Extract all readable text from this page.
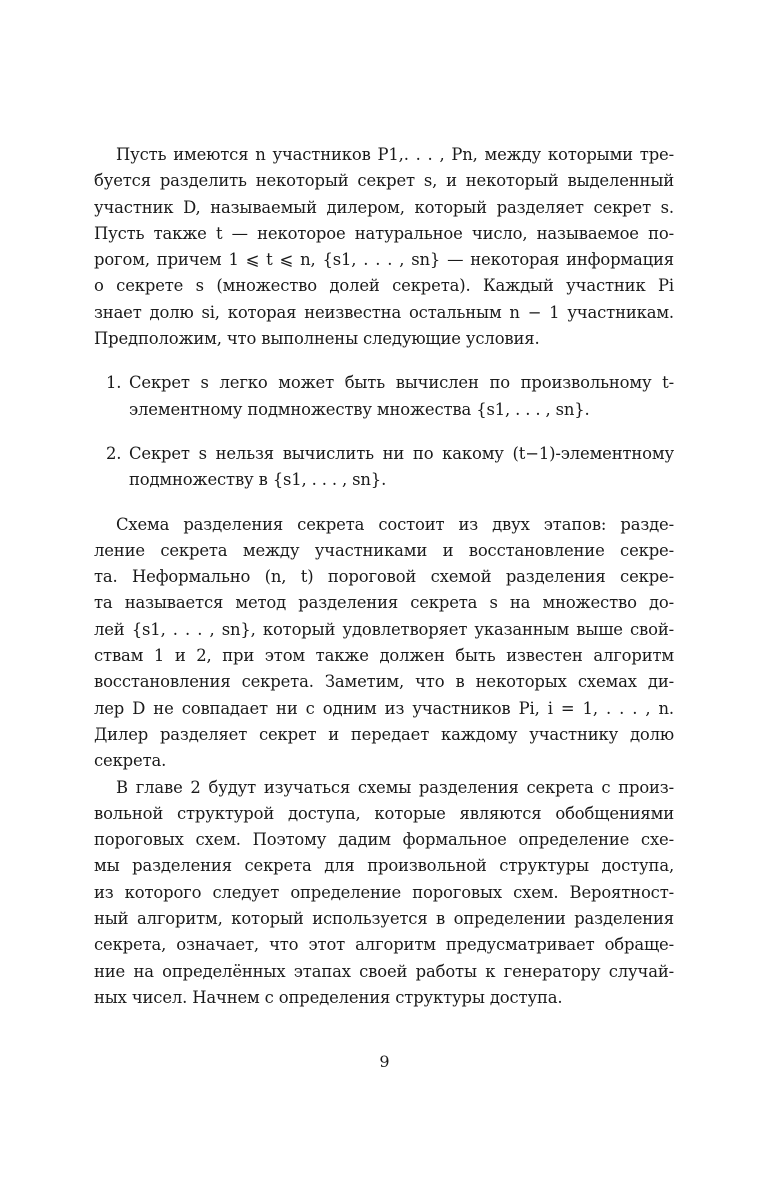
Пусть имеются n участников P1,. . . , Pn, между которыми тре-
буется разделить некоторый секрет s, и некоторый выделенный
участник D, называемый дилером, который разделяет секрет s.
Пусть также t — некоторое натуральное число, называемое по-
рогом, причем 1 ⩽ t ⩽ n, {s1, . . . , sn} — некоторая информация
о секрете s (множество долей секрета). Каждый участник Pi
знает долю si, которая неизвестна остальным n − 1 участникам.
Предположим, что выполнены следующие условия.
1. Секрет s легко может быть вычислен по произвольному t-
элементному подмножеству множества {s1, . . . , sn}.
2. Секрет s нельзя вычислить ни по какому (t−1)-элементному
подмножеству в {s1, . . . , sn}.
Схема разделения секрета состоит из двух этапов: разде-
ление секрета между участниками и восстановление секре-
та. Неформально (n, t) пороговой схемой разделения секре-
та называется метод разделения секрета s на множество до-
лей {s1, . . . , sn}, который удовлетворяет указанным выше свой-
ствам 1 и 2, при этом также должен быть известен алгоритм
восстановления секрета. Заметим, что в некоторых схемах ди-
лер D не совпадает ни с одним из участников Pi, i = 1, . . . , n.
Дилер разделяет секрет и передает каждому участнику долю
секрета.
В главе 2 будут изучаться схемы разделения секрета с произ-
вольной структурой доступа, которые являются обобщениями
пороговых схем. Поэтому дадим формальное определение схе-
мы разделения секрета для произвольной структуры доступа,
из которого следует определение пороговых схем. Вероятност-
ный алгоритм, который используется в определении разделения
секрета, означает, что этот алгоритм предусматривает обраще-
ние на определённых этапах своей работы к генератору случай-
ных чисел. Начнем с определения структуры доступа.
9
